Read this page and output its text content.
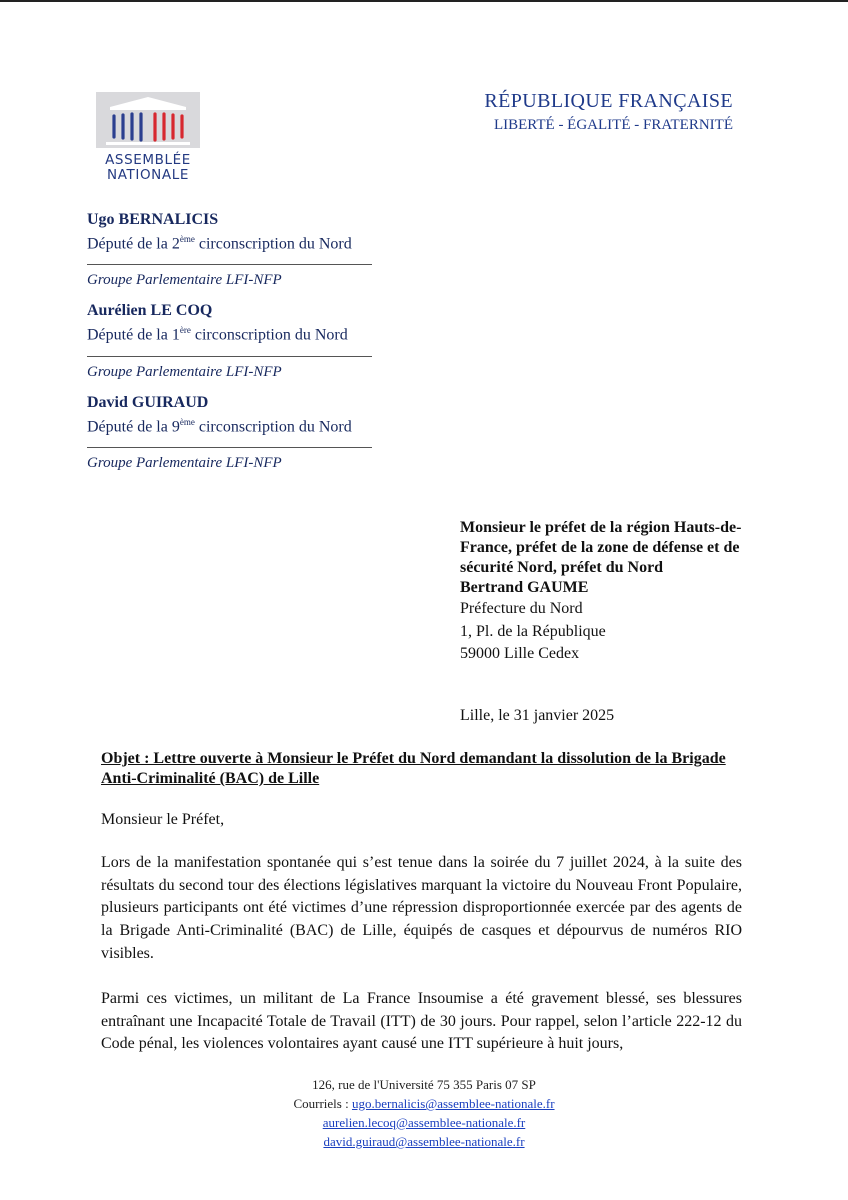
ASSEMBLÉE
NATIONALE
RÉPUBLIQUE FRANÇAISE
LIBERTÉ - ÉGALITÉ - FRATERNITÉ
Ugo BERNALICIS
Député de la 2ème circonscription du Nord
Groupe Parlementaire LFI-NFP
Aurélien LE COQ
Député de la 1ère circonscription du Nord
Groupe Parlementaire LFI-NFP
David GUIRAUD
Député de la 9ème circonscription du Nord
Groupe Parlementaire LFI-NFP
Monsieur le préfet de la région Hauts-de-France, préfet de la zone de défense et de sécurité Nord, préfet du Nord
Bertrand GAUME
Préfecture du Nord
1, Pl. de la République
59000 Lille Cedex
Lille, le 31 janvier 2025
Objet : Lettre ouverte à Monsieur le Préfet du Nord demandant la dissolution de la Brigade Anti-Criminalité (BAC) de Lille
Monsieur le Préfet,

Lors de la manifestation spontanée qui s’est tenue dans la soirée du 7 juillet 2024, à la suite des résultats du second tour des élections législatives marquant la victoire du Nouveau Front Populaire, plusieurs participants ont été victimes d’une répression disproportionnée exercée par des agents de la Brigade Anti-Criminalité (BAC) de Lille, équipés de casques et dépourvus de numéros RIO visibles.

Parmi ces victimes, un militant de La France Insoumise a été gravement blessé, ses blessures entraînant une Incapacité Totale de Travail (ITT) de 30 jours. Pour rappel, selon l’article 222-12 du Code pénal, les violences volontaires ayant causé une ITT supérieure à huit jours,

126, rue de l'Université 75 355 Paris 07 SP
Courriels : ugo.bernalicis@assemblee-nationale.fr
aurelien.lecoq@assemblee-nationale.fr
david.guiraud@assemblee-nationale.fr
